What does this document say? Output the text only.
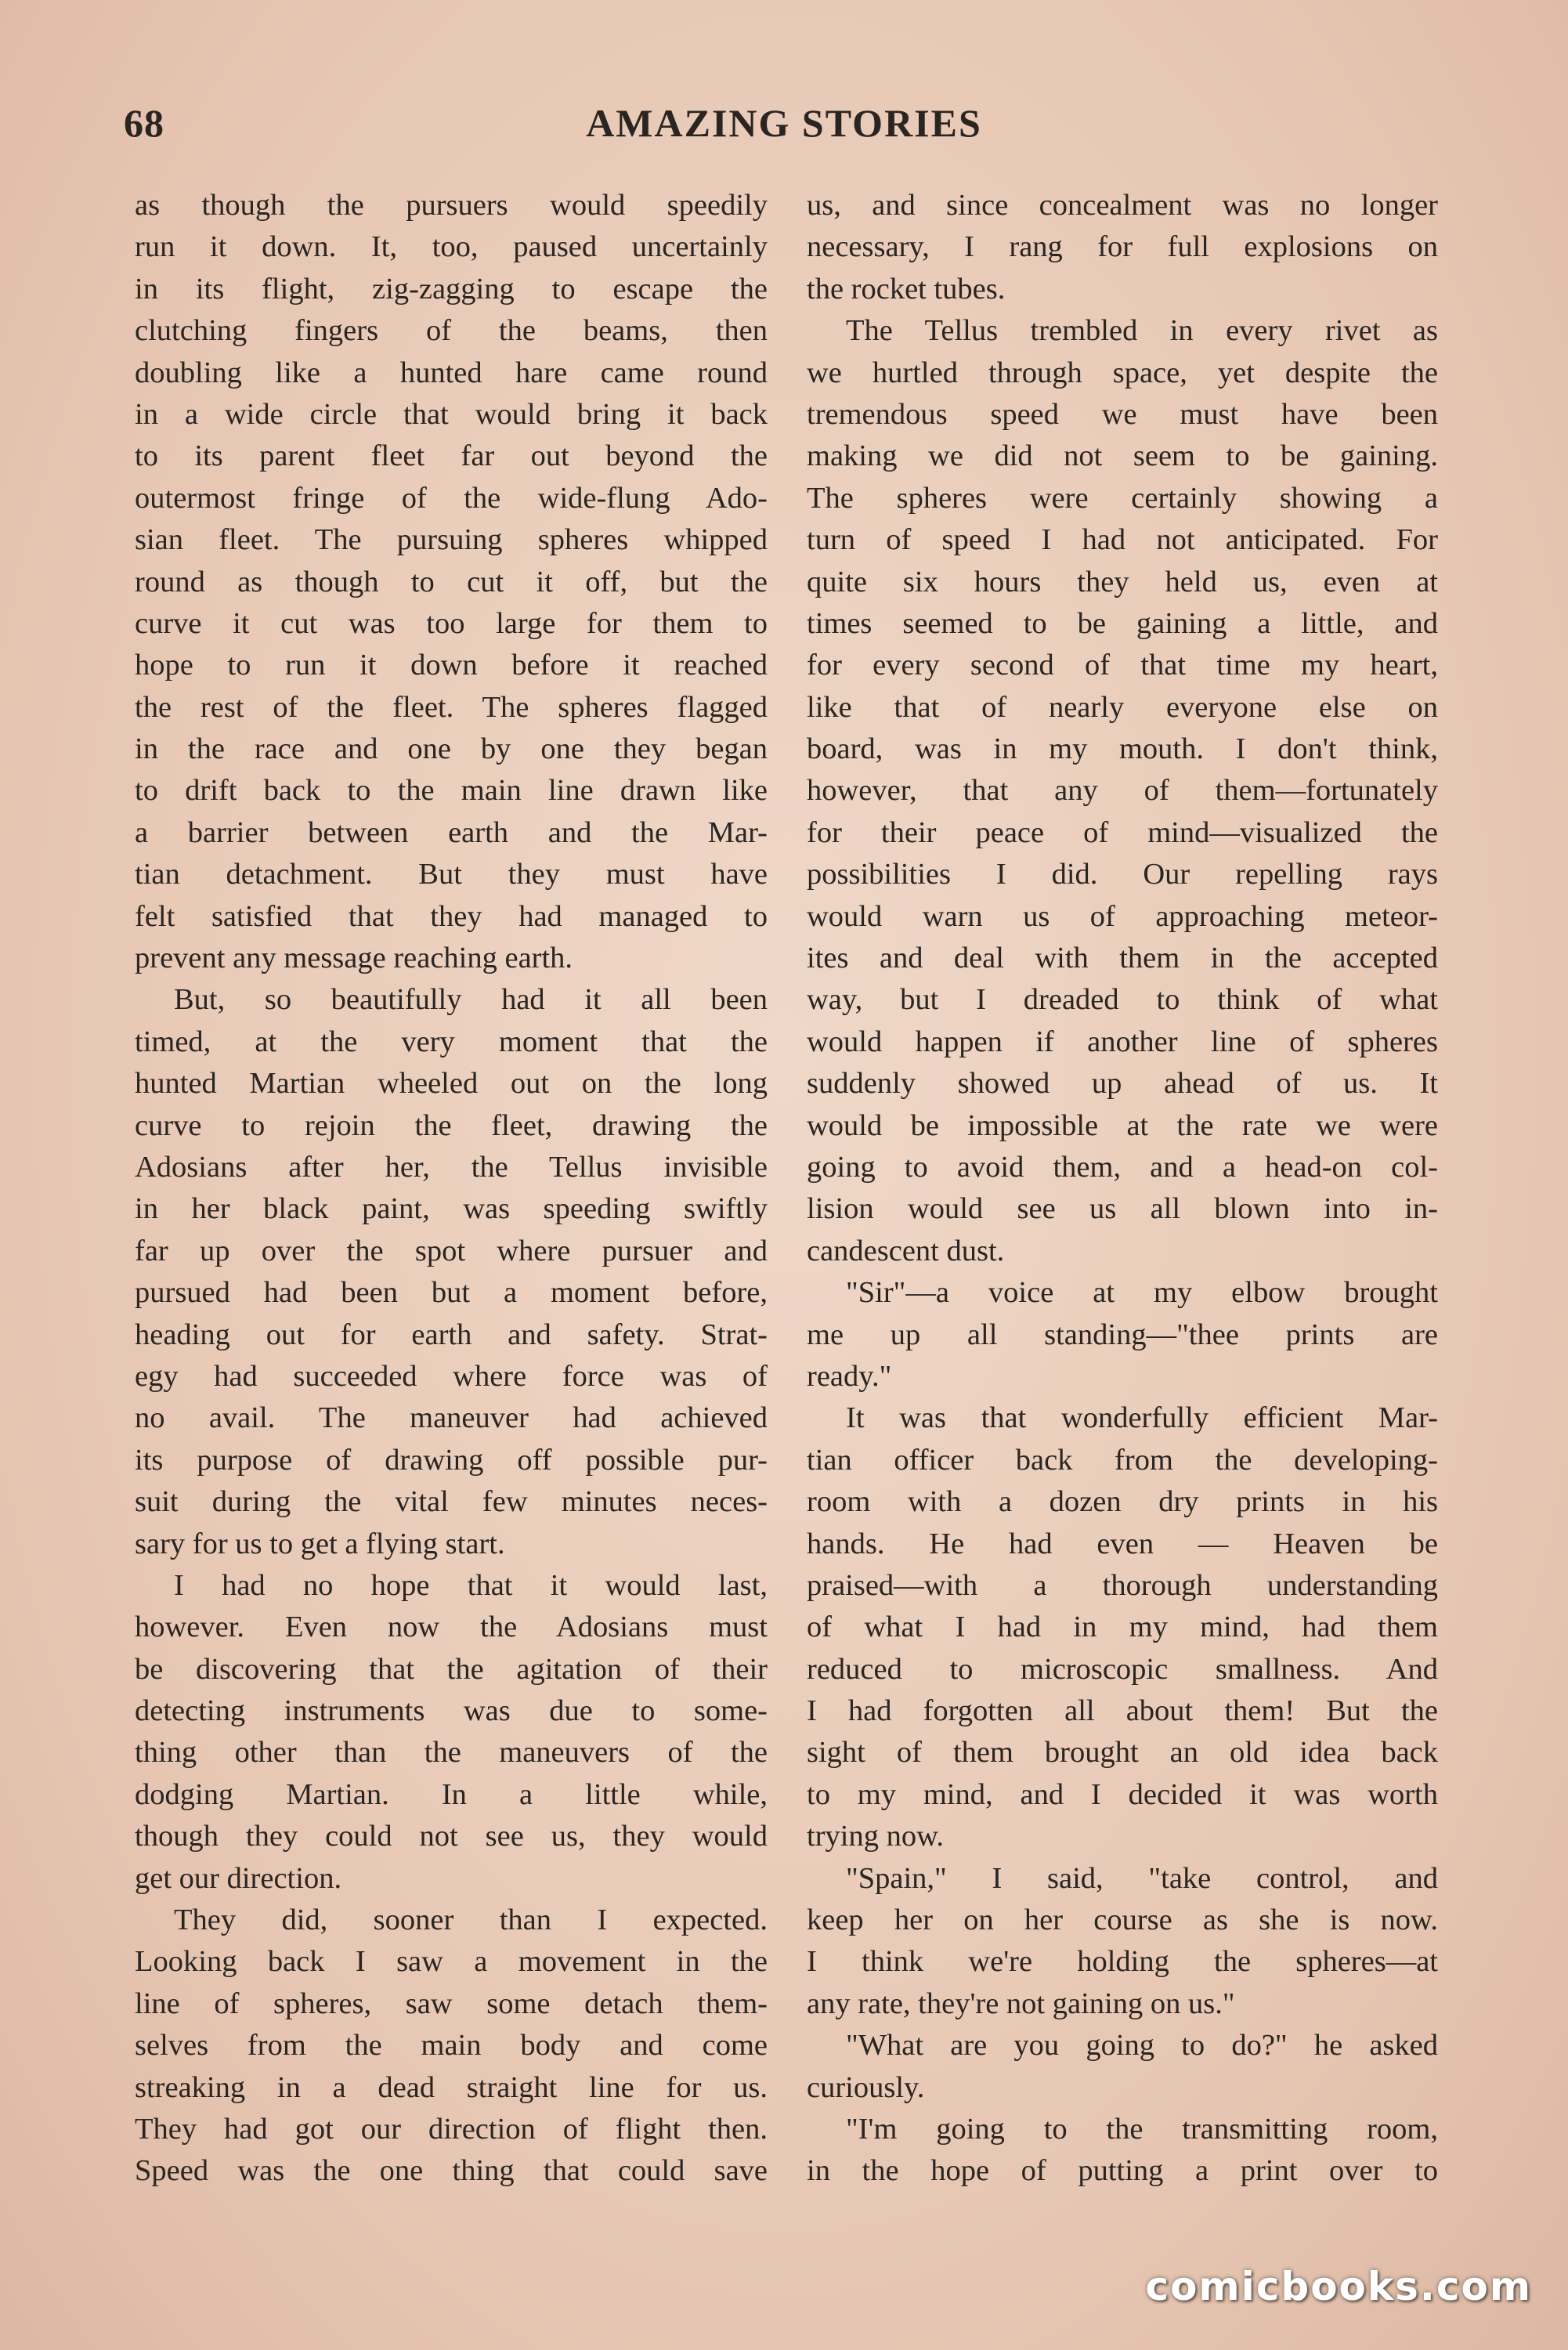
68	AMAZING STORIES
as though the pursuers would speedily
run it down. It, too, paused uncertainly
in its flight, zig-zagging to escape the
clutching fingers of the beams, then
doubling like a hunted hare came round
in a wide circle that would bring it back
to its parent fleet far out beyond the
outermost fringe of the wide-flung Ado-
sian fleet. The pursuing spheres whipped
round as though to cut it off, but the
curve it cut was too large for them to
hope to run it down before it reached
the rest of the fleet. The spheres flagged
in the race and one by one they began
to drift back to the main line drawn like
a barrier between earth and the Mar-
tian detachment. But they must have
felt satisfied that they had managed to
prevent any message reaching earth.
But, so beautifully had it all been
timed, at the very moment that the
hunted Martian wheeled out on the long
curve to rejoin the fleet, drawing the
Adosians after her, the Tellus invisible
in her black paint, was speeding swiftly
far up over the spot where pursuer and
pursued had been but a moment before,
heading out for earth and safety. Strat-
egy had succeeded where force was of
no avail. The maneuver had achieved
its purpose of drawing off possible pur-
suit during the vital few minutes neces-
sary for us to get a flying start.
I had no hope that it would last,
however. Even now the Adosians must
be discovering that the agitation of their
detecting instruments was due to some-
thing other than the maneuvers of the
dodging Martian. In a little while,
though they could not see us, they would
get our direction.
They did, sooner than I expected.
Looking back I saw a movement in the
line of spheres, saw some detach them-
selves from the main body and come
streaking in a dead straight line for us.
They had got our direction of flight then.
Speed was the one thing that could save
us, and since concealment was no longer
necessary, I rang for full explosions on
the rocket tubes.
The Tellus trembled in every rivet as
we hurtled through space, yet despite the
tremendous speed we must have been
making we did not seem to be gaining.
The spheres were certainly showing a
turn of speed I had not anticipated. For
quite six hours they held us, even at
times seemed to be gaining a little, and
for every second of that time my heart,
like that of nearly everyone else on
board, was in my mouth. I don't think,
however, that any of them—fortunately
for their peace of mind—visualized the
possibilities I did. Our repelling rays
would warn us of approaching meteor-
ites and deal with them in the accepted
way, but I dreaded to think of what
would happen if another line of spheres
suddenly showed up ahead of us. It
would be impossible at the rate we were
going to avoid them, and a head-on col-
lision would see us all blown into in-
candescent dust.
"Sir"—a voice at my elbow brought
me up all standing—"thee prints are
ready."
It was that wonderfully efficient Mar-
tian officer back from the developing-
room with a dozen dry prints in his
hands. He had even — Heaven be
praised—with a thorough understanding
of what I had in my mind, had them
reduced to microscopic smallness. And
I had forgotten all about them! But the
sight of them brought an old idea back
to my mind, and I decided it was worth
trying now.
"Spain," I said, "take control, and
keep her on her course as she is now.
I think we're holding the spheres—at
any rate, they're not gaining on us."
"What are you going to do?" he asked
curiously.
"I'm going to the transmitting room,
in the hope of putting a print over to
comicbooks.com
